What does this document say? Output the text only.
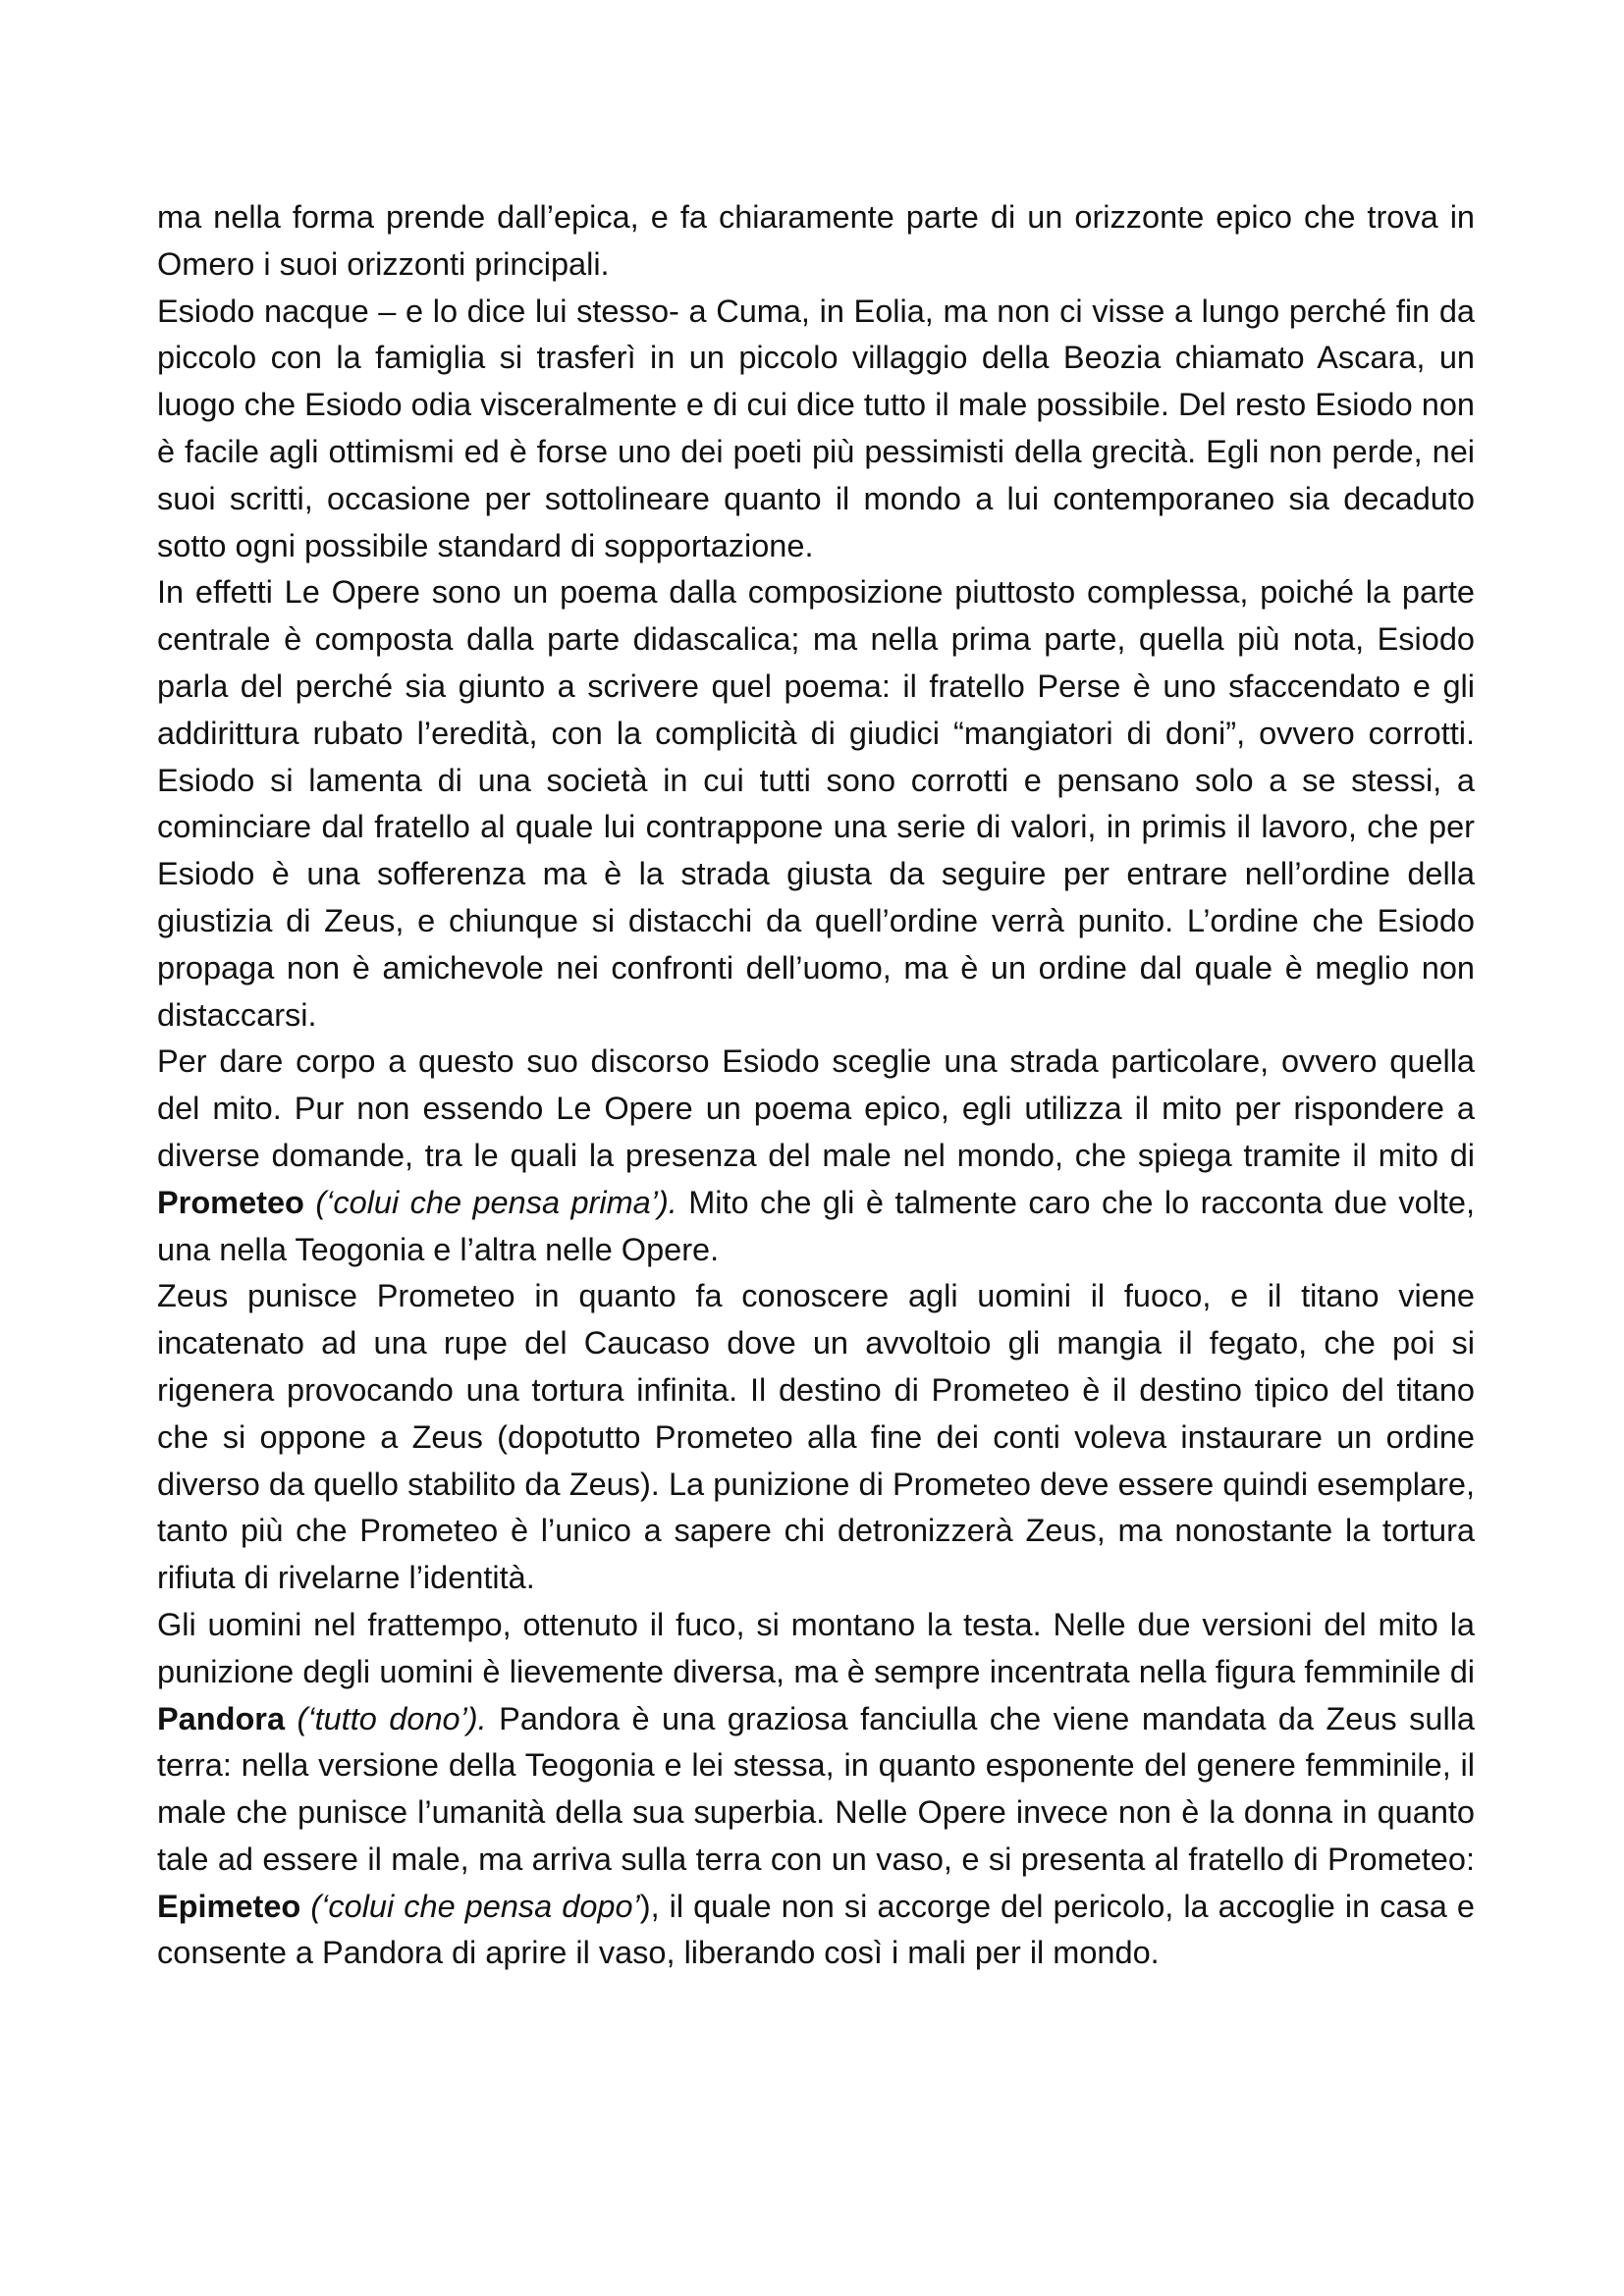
ma nella forma prende dall’epica, e fa chiaramente parte di un orizzonte epico che trova in Omero i suoi orizzonti principali.

Esiodo nacque – e lo dice lui stesso- a Cuma, in Eolia, ma non ci visse a lungo perché fin da piccolo con la famiglia si trasferì in un piccolo villaggio della Beozia chiamato Ascara, un luogo che Esiodo odia visceralmente e di cui dice tutto il male possibile. Del resto Esiodo non è facile agli ottimismi ed è forse uno dei poeti più pessimisti della grecità. Egli non perde, nei suoi scritti, occasione per sottolineare quanto il mondo a lui contemporaneo sia decaduto sotto ogni possibile standard di sopportazione.

In effetti Le Opere sono un poema dalla composizione piuttosto complessa, poiché la parte centrale è composta dalla parte didascalica; ma nella prima parte, quella più nota, Esiodo parla del perché sia giunto a scrivere quel poema: il fratello Perse è uno sfaccendato e gli addirittura rubato l’eredità, con la complicità di giudici “mangiatori di doni”, ovvero corrotti. Esiodo si lamenta di una società in cui tutti sono corrotti e pensano solo a se stessi, a cominciare dal fratello al quale lui contrappone una serie di valori, in primis il lavoro, che per Esiodo è una sofferenza ma è la strada giusta da seguire per entrare nell’ordine della giustizia di Zeus, e chiunque si distacchi da quell’ordine verrà punito. L’ordine che Esiodo propaga non è amichevole nei confronti dell’uomo, ma è un ordine dal quale è meglio non distaccarsi.

Per dare corpo a questo suo discorso Esiodo sceglie una strada particolare, ovvero quella del mito. Pur non essendo Le Opere un poema epico, egli utilizza il mito per rispondere a diverse domande, tra le quali la presenza del male nel mondo, che spiega tramite il mito di Prometeo (‘colui che pensa prima’). Mito che gli è talmente caro che lo racconta due volte, una nella Teogonia e l’altra nelle Opere.

Zeus punisce Prometeo in quanto fa conoscere agli uomini il fuoco, e il titano viene incatenato ad una rupe del Caucaso dove un avvoltoio gli mangia il fegato, che poi si rigenera provocando una tortura infinita. Il destino di Prometeo è il destino tipico del titano che si oppone a Zeus (dopotutto Prometeo alla fine dei conti voleva instaurare un ordine diverso da quello stabilito da Zeus). La punizione di Prometeo deve essere quindi esemplare, tanto più che Prometeo è l’unico a sapere chi detronizzerà Zeus, ma nonostante la tortura rifiuta di rivelarne l’identità.

Gli uomini nel frattempo, ottenuto il fuco, si montano la testa. Nelle due versioni del mito la punizione degli uomini è lievemente diversa, ma è sempre incentrata nella figura femminile di Pandora (‘tutto dono’). Pandora è una graziosa fanciulla che viene mandata da Zeus sulla terra: nella versione della Teogonia e lei stessa, in quanto esponente del genere femminile, il male che punisce l’umanità della sua superbia. Nelle Opere invece non è la donna in quanto tale ad essere il male, ma arriva sulla terra con un vaso, e si presenta al fratello di Prometeo: Epimeteo (‘colui che pensa dopo’), il quale non si accorge del pericolo, la accoglie in casa e consente a Pandora di aprire il vaso, liberando così i mali per il mondo.
